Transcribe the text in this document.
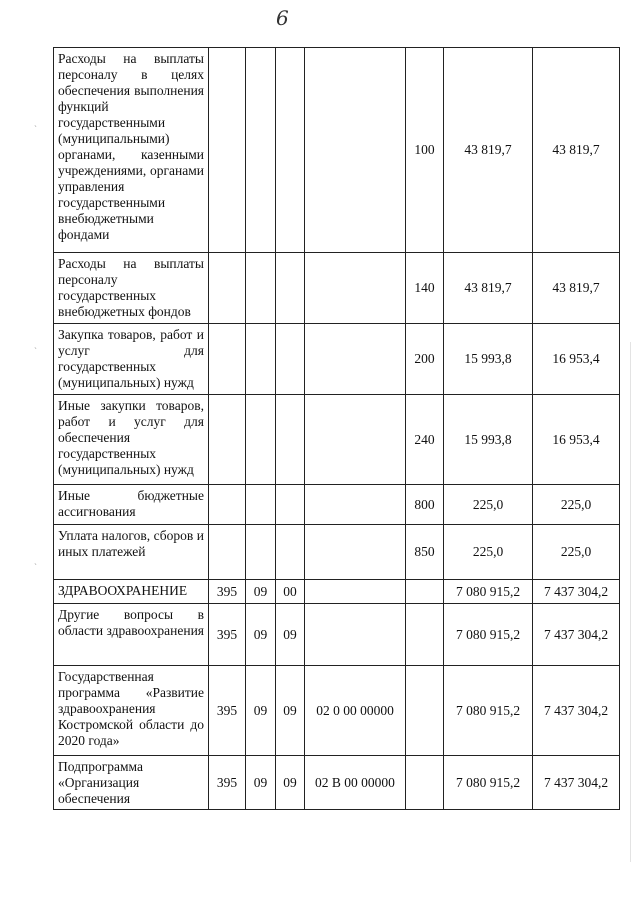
6
Расходы на выплаты персоналу в целях обеспечения выполнения функций государственными (муниципальными) органами, казенными учреждениями, органами управления государственными внебюджетными фондами					100	43 819,7	43 819,7

Расходы на выплаты персоналу государственных внебюджетных фондов					140	43 819,7	43 819,7

Закупка товаров, работ и услуг для государственных (муниципальных) нужд					200	15 993,8	16 953,4

Иные закупки товаров, работ и услуг для обеспечения государственных (муниципальных) нужд					240	15 993,8	16 953,4

Иные бюджетные ассигнования					800	225,0	225,0

Уплата налогов, сборов и иных платежей					850	225,0	225,0

ЗДРАВООХРАНЕНИЕ	395	09	00			7 080 915,2	7 437 304,2

Другие вопросы в области здравоохранения	395	09	09			7 080 915,2	7 437 304,2

Государственная программа «Развитие здравоохранения Костромской области до 2020 года»	395	09	09	02 0 00 00000		7 080 915,2	7 437 304,2

Подпрограмма «Организация обеспечения	395	09	09	02 В 00 00000		7 080 915,2	7 437 304,2
`
`
`
